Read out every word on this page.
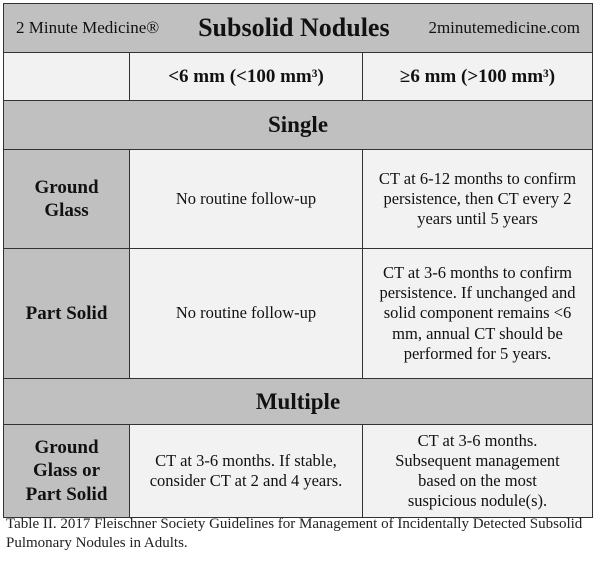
2 Minute Medicine® Subsolid Nodules 2minutemedicine.com
<6 mm (<100 mm³)	≥6 mm (>100 mm³)
Single
Ground Glass
No routine follow-up
CT at 6-12 months to confirm persistence, then CT every 2 years until 5 years
Part Solid	No routine follow-up
CT at 3-6 months to confirm persistence. If unchanged and solid component remains <6 mm, annual CT should be performed for 5 years.
Multiple
Ground Glass or Part Solid
CT at 3-6 months. If stable, consider CT at 2 and 4 years.
CT at 3-6 months. Subsequent management based on the most suspicious nodule(s).
Table II. 2017 Fleischner Society Guidelines for Management of Incidentally Detected Subsolid Pulmonary Nodules in Adults.
